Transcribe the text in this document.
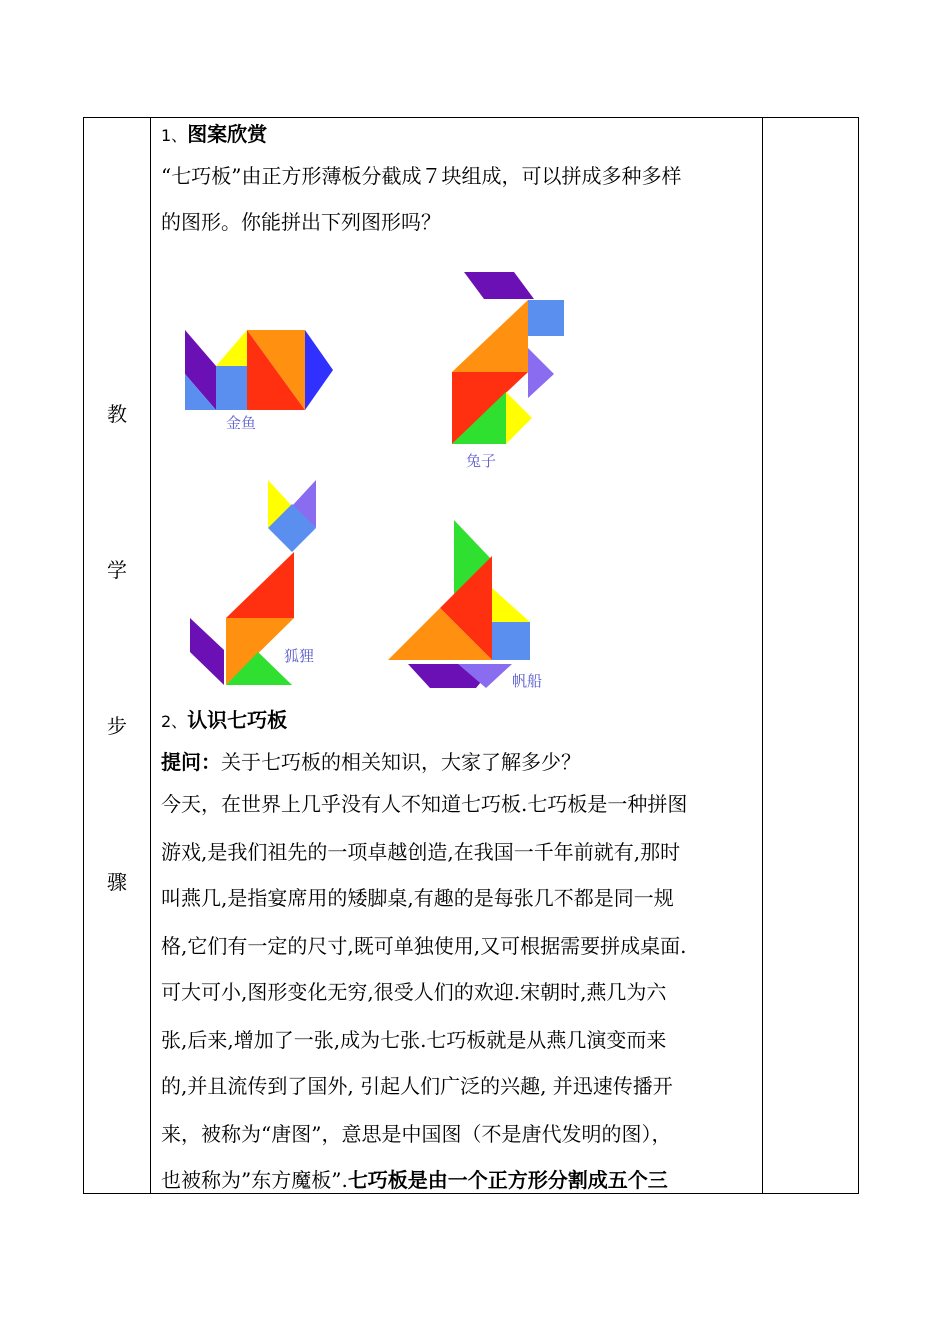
教
学
步
骤
1、图案欣赏
“七巧板”由正方形薄板分截成７块组成，可以拼成多种多样
的图形。你能拼出下列图形吗？
金鱼
兔子
狐狸
帆船
2、认识七巧板
提问：关于七巧板的相关知识，大家了解多少？
今天，在世界上几乎没有人不知道七巧板.七巧板是一种拼图
游戏,是我们祖先的一项卓越创造,在我国一千年前就有,那时
叫燕几,是指宴席用的矮脚桌,有趣的是每张几不都是同一规
格,它们有一定的尺寸,既可单独使用,又可根据需要拼成桌面.
可大可小,图形变化无穷,很受人们的欢迎.宋朝时,燕几为六
张,后来,增加了一张,成为七张.七巧板就是从燕几演变而来
的,并且流传到了国外, 引起人们广泛的兴趣, 并迅速传播开
来，被称为“唐图”，意思是中国图（不是唐代发明的图），
也被称为”东方魔板”.七巧板是由一个正方形分割成五个三
